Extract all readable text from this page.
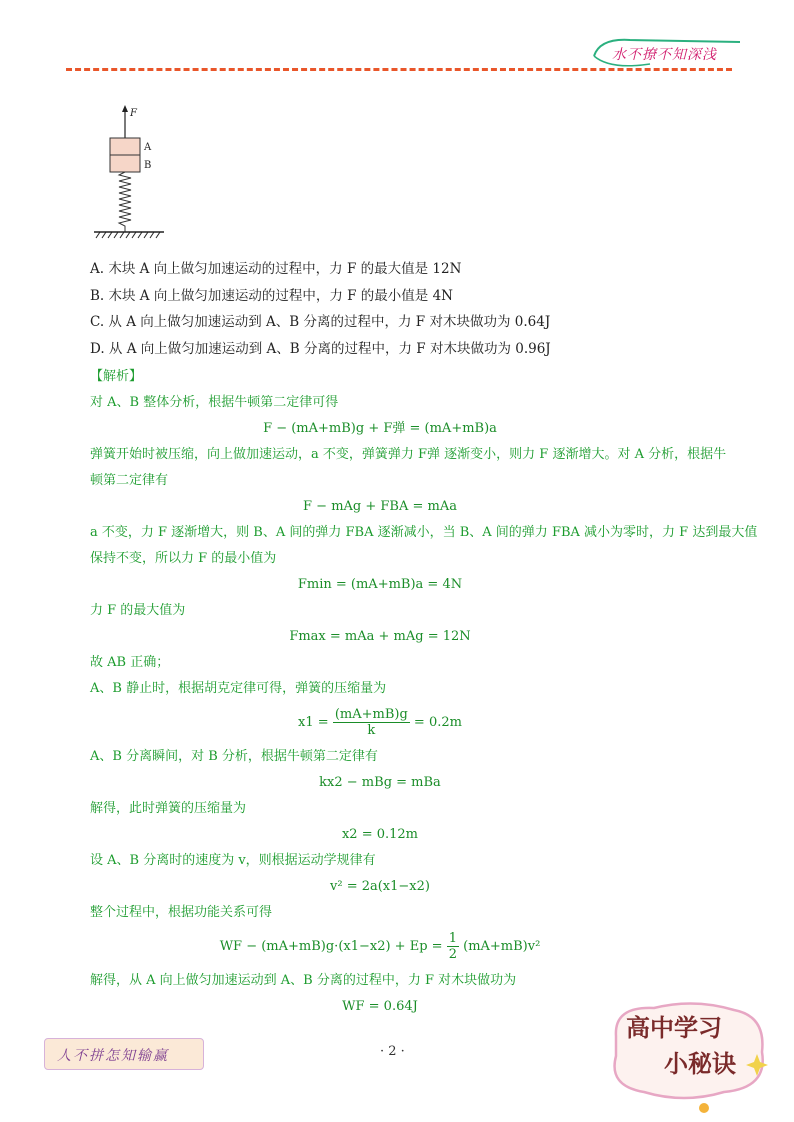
水不撩不知深浅
F
A
B
A. 木块 A 向上做匀加速运动的过程中，力 F 的最大值是 12N
B. 木块 A 向上做匀加速运动的过程中，力 F 的最小值是 4N
C. 从 A 向上做匀加速运动到 A、B 分离的过程中，力 F 对木块做功为 0.64J
D. 从 A 向上做匀加速运动到 A、B 分离的过程中，力 F 对木块做功为 0.96J
【解析】
对 A、B 整体分析，根据牛顿第二定律可得
F − (mA+mB)g + F弹 = (mA+mB)a
弹簧开始时被压缩，向上做加速运动，a 不变，弹簧弹力 F弹 逐渐变小，则力 F 逐渐增大。对 A 分析，根据牛
顿第二定律有
F − mAg + FBA = mAa
a 不变，力 F 逐渐增大，则 B、A 间的弹力 FBA 逐渐减小，当 B、A 间的弹力 FBA 减小为零时，力 F 达到最大值
保持不变，所以力 F 的最小值为
Fmin = (mA+mB)a = 4N
力 F 的最大值为
Fmax = mAa + mAg = 12N
故 AB 正确；
A、B 静止时，根据胡克定律可得，弹簧的压缩量为
$x1 = \frac{(mA+mB)g}{k} = 0.2m$
A、B 分离瞬间，对 B 分析，根据牛顿第二定律有
kx2 − mBg = mBa
解得，此时弹簧的压缩量为
x2 = 0.12m
设 A、B 分离时的速度为 v，则根据运动学规律有
v² = 2a(x1−x2)
整个过程中，根据功能关系可得
WF − $(mA+mB)g\cdot(x1-x2) + Ep = \frac{1}{2} (mA+mB)v^2$
解得，从 A 向上做匀加速运动到 A、B 分离的过程中，力 F 对木块做功为
WF = 0.64J
人不拼怎知输赢	· 2 ·
高中学习
小秘诀
